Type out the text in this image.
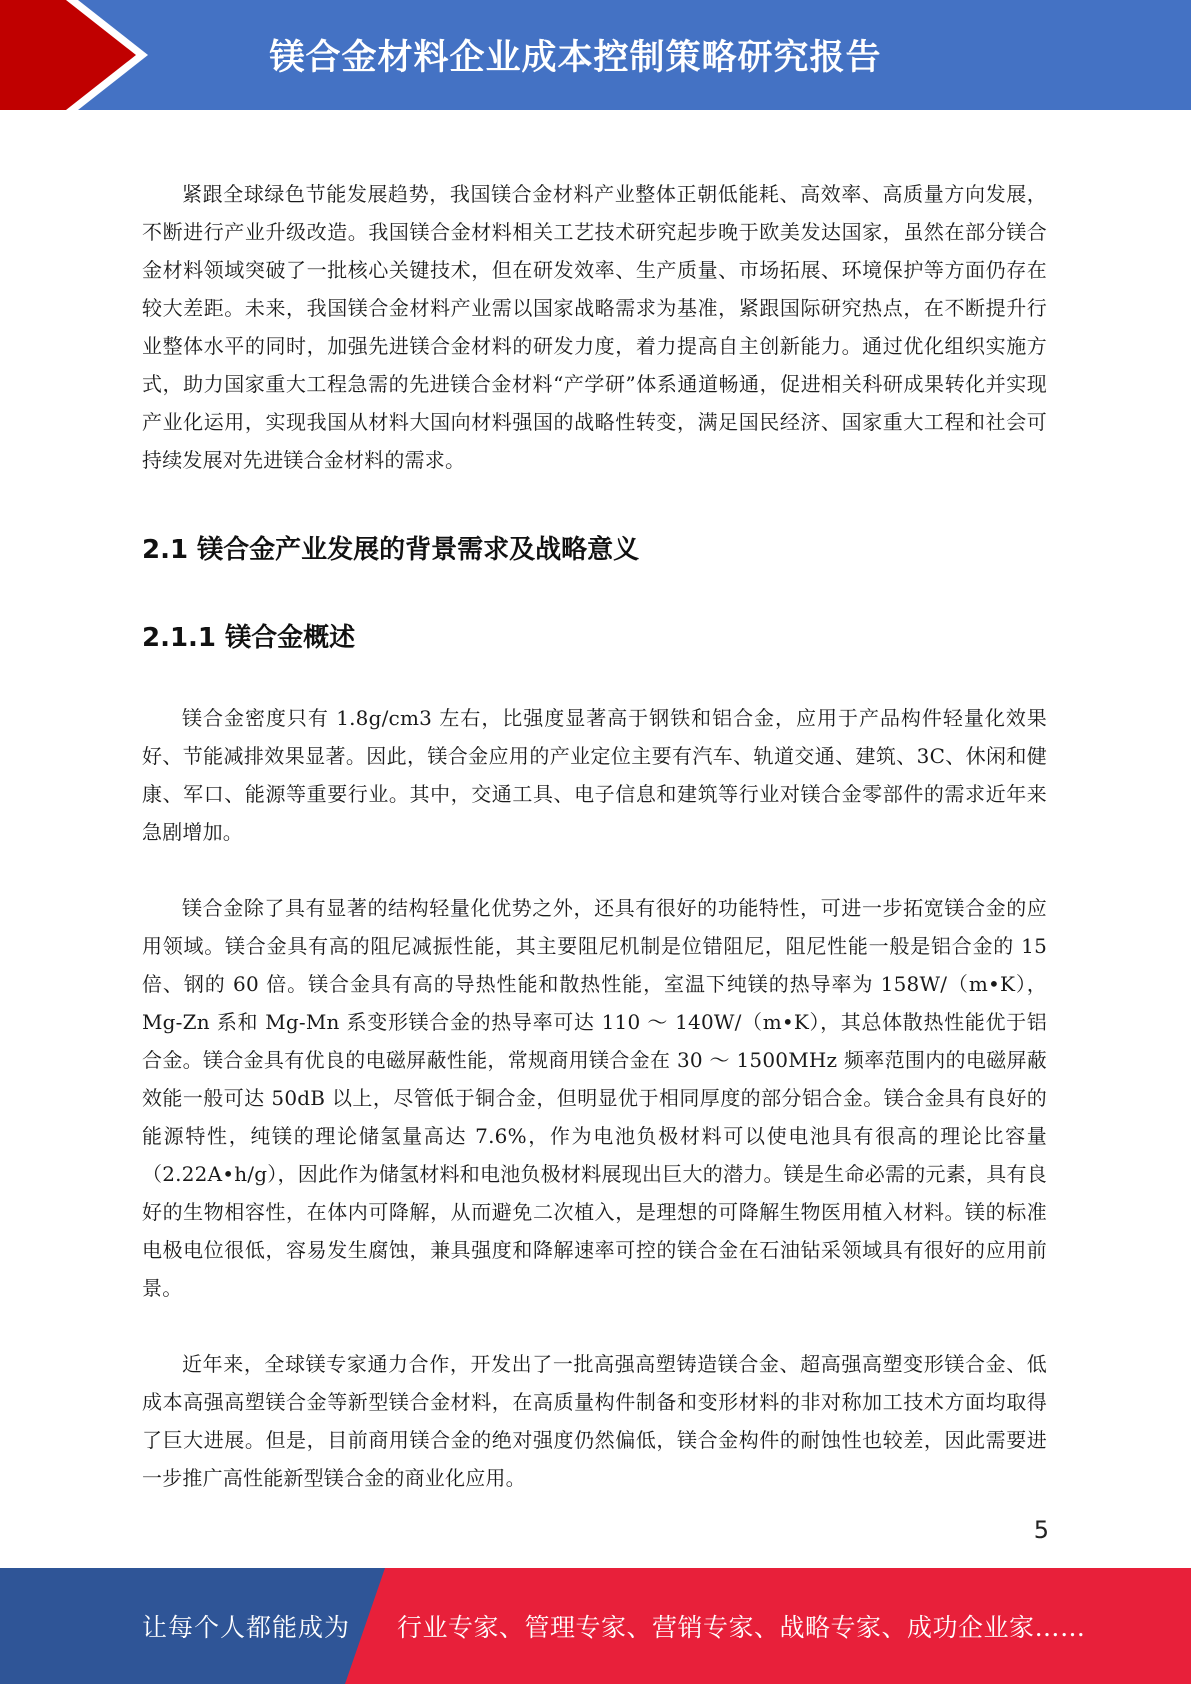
镁合金材料企业成本控制策略研究报告

紧跟全球绿色节能发展趋势，我国镁合金材料产业整体正朝低能耗、高效率、高质量方向发展，不断进行产业升级改造。我国镁合金材料相关工艺技术研究起步晚于欧美发达国家，虽然在部分镁合金材料领域突破了一批核心关键技术，但在研发效率、生产质量、市场拓展、环境保护等方面仍存在较大差距。未来，我国镁合金材料产业需以国家战略需求为基准，紧跟国际研究热点，在不断提升行业整体水平的同时，加强先进镁合金材料的研发力度，着力提高自主创新能力。通过优化组织实施方式，助力国家重大工程急需的先进镁合金材料“产学研”体系通道畅通，促进相关科研成果转化并实现产业化运用，实现我国从材料大国向材料强国的战略性转变，满足国民经济、国家重大工程和社会可持续发展对先进镁合金材料的需求。

2.1 镁合金产业发展的背景需求及战略意义
2.1.1 镁合金概述

镁合金密度只有 1.8g/cm3 左右，比强度显著高于钢铁和铝合金，应用于产品构件轻量化效果好、节能减排效果显著。因此，镁合金应用的产业定位主要有汽车、轨道交通、建筑、3C、休闲和健康、军口、能源等重要行业。其中，交通工具、电子信息和建筑等行业对镁合金零部件的需求近年来急剧增加。

镁合金除了具有显著的结构轻量化优势之外，还具有很好的功能特性，可进一步拓宽镁合金的应用领域。镁合金具有高的阻尼减振性能，其主要阻尼机制是位错阻尼，阻尼性能一般是铝合金的 15 倍、钢的 60 倍。镁合金具有高的导热性能和散热性能，室温下纯镁的热导率为 158W/（m•K），Mg-Zn 系和 Mg-Mn 系变形镁合金的热导率可达 110 ～ 140W/（m•K），其总体散热性能优于铝合金。镁合金具有优良的电磁屏蔽性能，常规商用镁合金在 30 ～ 1500MHz 频率范围内的电磁屏蔽效能一般可达 50dB 以上，尽管低于铜合金，但明显优于相同厚度的部分铝合金。镁合金具有良好的能源特性，纯镁的理论储氢量高达 7.6%，作为电池负极材料可以使电池具有很高的理论比容量（2.22A•h/g），因此作为储氢材料和电池负极材料展现出巨大的潜力。镁是生命必需的元素，具有良好的生物相容性，在体内可降解，从而避免二次植入，是理想的可降解生物医用植入材料。镁的标准电极电位很低，容易发生腐蚀，兼具强度和降解速率可控的镁合金在石油钻采领域具有很好的应用前景。

近年来，全球镁专家通力合作，开发出了一批高强高塑铸造镁合金、超高强高塑变形镁合金、低成本高强高塑镁合金等新型镁合金材料，在高质量构件制备和变形材料的非对称加工技术方面均取得了巨大进展。但是，目前商用镁合金的绝对强度仍然偏低，镁合金构件的耐蚀性也较差，因此需要进一步推广高性能新型镁合金的商业化应用。

5
让每个人都能成为 行业专家、管理专家、营销专家、战略专家、成功企业家……
